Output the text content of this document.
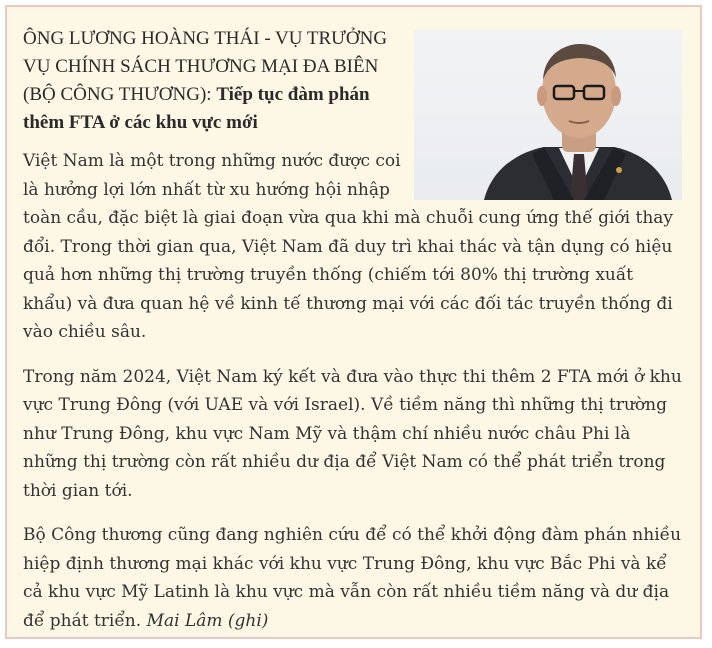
ÔNG LƯƠNG HOÀNG THÁI - VỤ TRƯỞNG VỤ CHÍNH SÁCH THƯƠNG MẠI ĐA BIÊN (BỘ CÔNG THƯƠNG): Tiếp tục đàm phán thêm FTA ở các khu vực mới

Việt Nam là một trong những nước được coi là hưởng lợi lớn nhất từ xu hướng hội nhập toàn cầu, đặc biệt là giai đoạn vừa qua khi mà chuỗi cung ứng thế giới thay đổi. Trong thời gian qua, Việt Nam đã duy trì khai thác và tận dụng có hiệu quả hơn những thị trường truyền thống (chiếm tới 80% thị trường xuất khẩu) và đưa quan hệ về kinh tế thương mại với các đối tác truyền thống đi vào chiều sâu.

Trong năm 2024, Việt Nam ký kết và đưa vào thực thi thêm 2 FTA mới ở khu vực Trung Đông (với UAE và với Israel). Về tiềm năng thì những thị trường như Trung Đông, khu vực Nam Mỹ và thậm chí nhiều nước châu Phi là những thị trường còn rất nhiều dư địa để Việt Nam có thể phát triển trong thời gian tới.

Bộ Công thương cũng đang nghiên cứu để có thể khởi động đàm phán nhiều hiệp định thương mại khác với khu vực Trung Đông, khu vực Bắc Phi và kể cả khu vực Mỹ Latinh là khu vực mà vẫn còn rất nhiều tiềm năng và dư địa để phát triển. Mai Lâm (ghi)
